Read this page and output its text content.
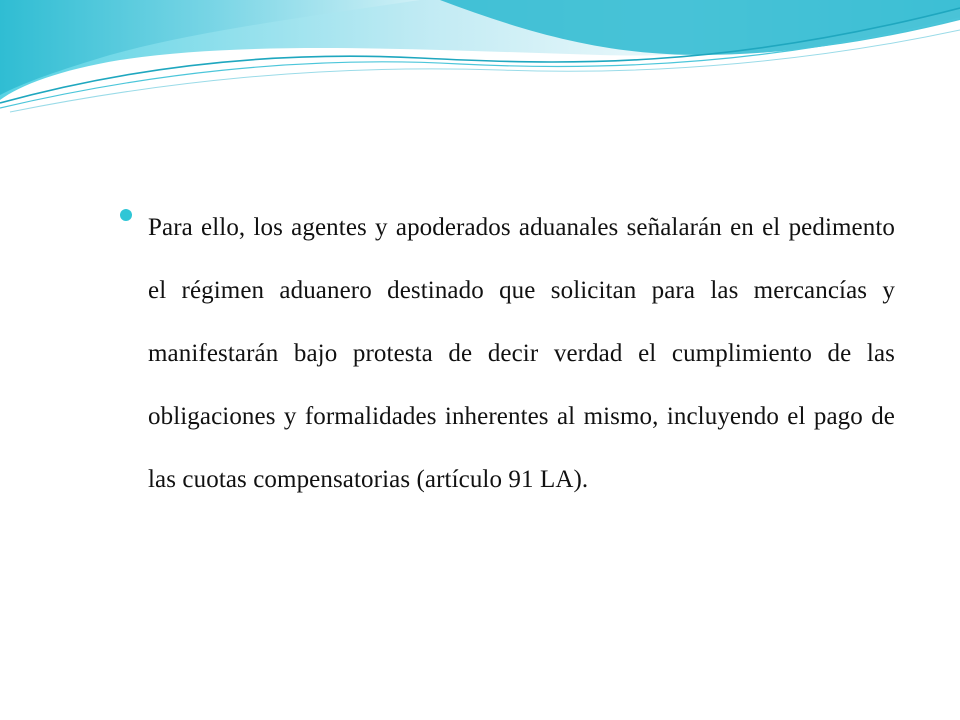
Para ello, los agentes y apoderados aduanales señalarán en el pedimento el régimen aduanero destinado que solicitan para las mercancías y manifestarán bajo protesta de decir verdad el cumplimiento de las obligaciones y formalidades inherentes al mismo, incluyendo el pago de las cuotas compensatorias (artículo 91 LA).
